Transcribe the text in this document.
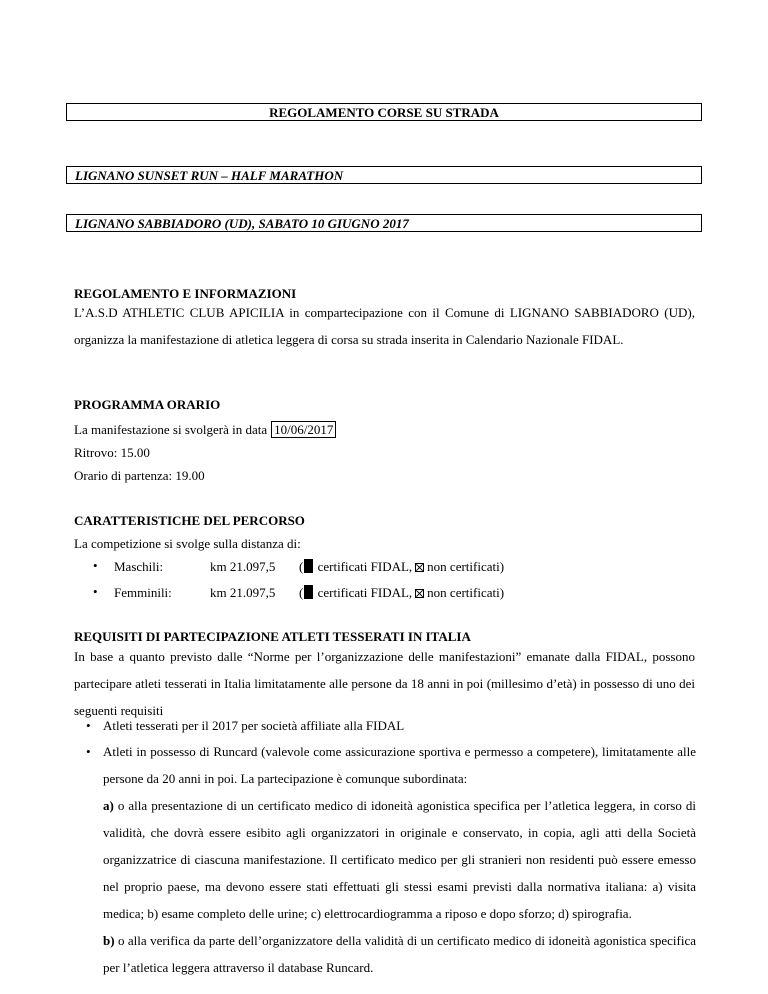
REGOLAMENTO CORSE SU STRADA
LIGNANO SUNSET RUN – HALF MARATHON
LIGNANO SABBIADORO (UD), SABATO 10 GIUGNO 2017
REGOLAMENTO E INFORMAZIONI
L’A.S.D ATHLETIC CLUB APICILIA in compartecipazione con il Comune di LIGNANO SABBIADORO (UD), organizza la manifestazione di atletica leggera di corsa su strada inserita in Calendario Nazionale FIDAL.
PROGRAMMA ORARIO
La manifestazione si svolgerà in data 10/06/2017
Ritrovo: 15.00
Orario di partenza: 19.00
CARATTERISTICHE DEL PERCORSO
La competizione si svolge sulla distanza di:
• Maschili:	km 21.097,5 ( certificati FIDAL, non certificati)
• Femminili:	km 21.097,5 ( certificati FIDAL, non certificati)
REQUISITI DI PARTECIPAZIONE ATLETI TESSERATI IN ITALIA
In base a quanto previsto dalle “Norme per l’organizzazione delle manifestazioni” emanate dalla FIDAL, possono partecipare atleti tesserati in Italia limitatamente alle persone da 18 anni in poi (millesimo d’età) in possesso di uno dei seguenti requisiti
• Atleti tesserati per il 2017 per società affiliate alla FIDAL
• Atleti in possesso di Runcard (valevole come assicurazione sportiva e permesso a competere), limitatamente alle persone da 20 anni in poi. La partecipazione è comunque subordinata:
a) o alla presentazione di un certificato medico di idoneità agonistica specifica per l’atletica leggera, in corso di validità, che dovrà essere esibito agli organizzatori in originale e conservato, in copia, agli atti della Società organizzatrice di ciascuna manifestazione. Il certificato medico per gli stranieri non residenti può essere emesso nel proprio paese, ma devono essere stati effettuati gli stessi esami previsti dalla normativa italiana: a) visita medica; b) esame completo delle urine; c) elettrocardiogramma a riposo e dopo sforzo; d) spirografia.
b) o alla verifica da parte dell’organizzatore della validità di un certificato medico di idoneità agonistica specifica per l’atletica leggera attraverso il database Runcard.
